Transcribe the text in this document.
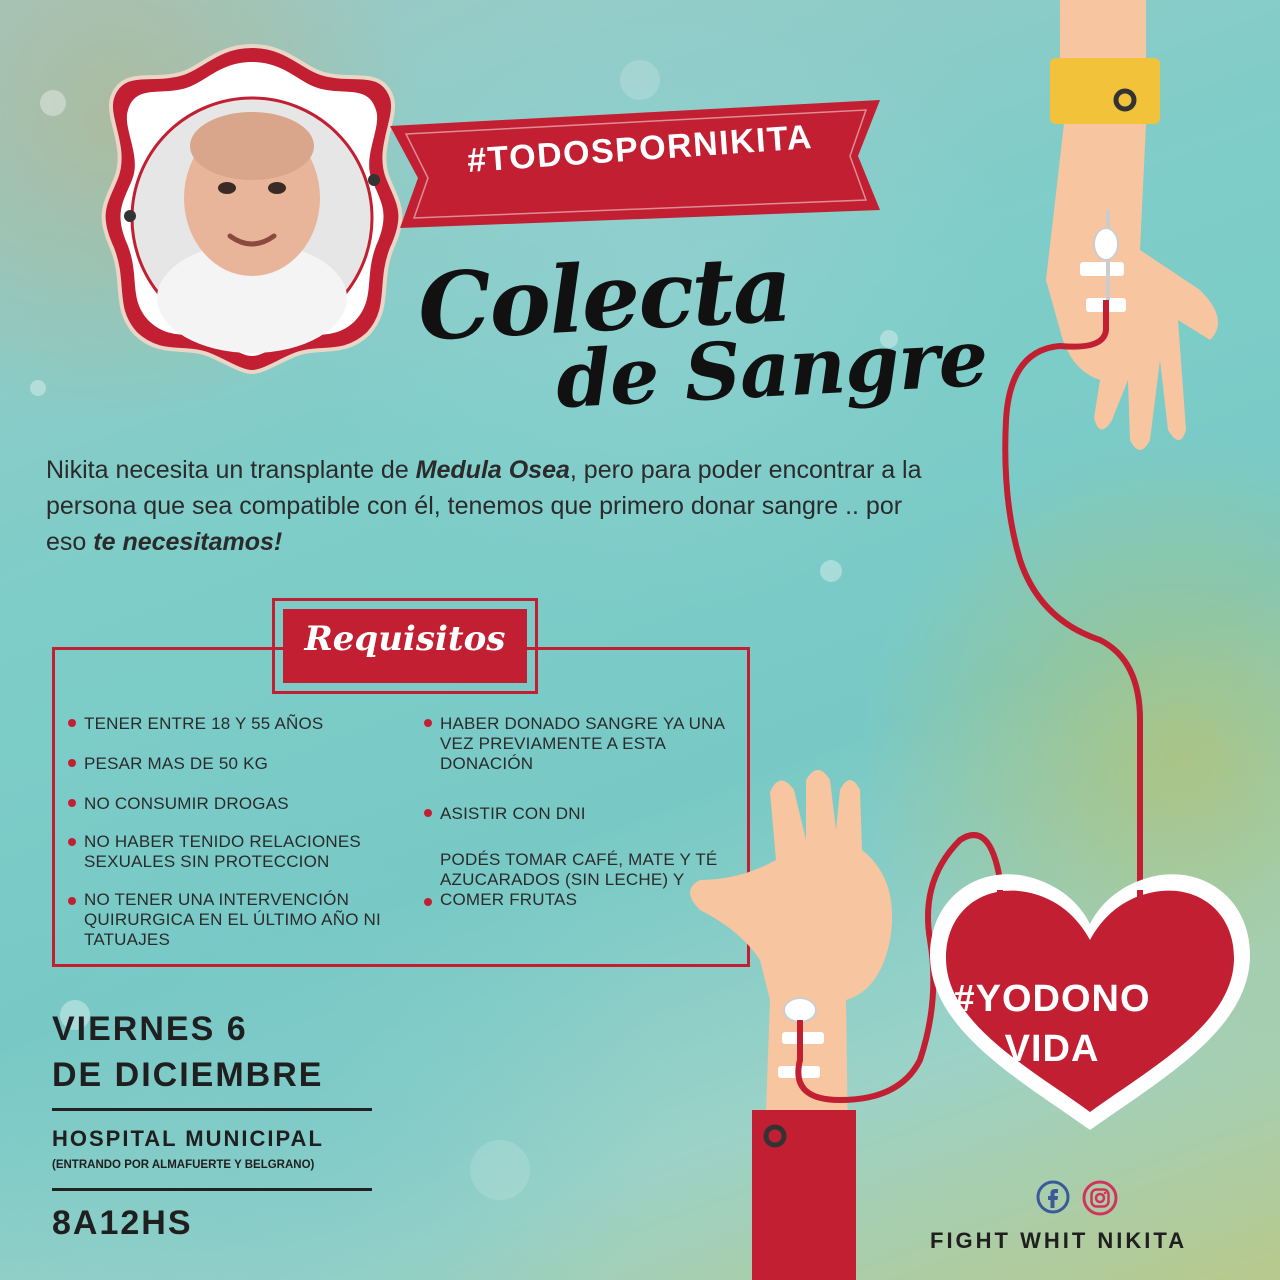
#TODOSPORNIKITA
Colecta
de Sangre
Nikita necesita un transplante de Medula Osea, pero para poder encontrar a la persona que sea compatible con él, tenemos que primero donar sangre .. por eso te necesitamos!
Requisitos
TENER ENTRE 18 Y 55 AÑOS
PESAR MAS DE 50 KG
NO CONSUMIR DROGAS
NO HABER TENIDO RELACIONES SEXUALES SIN PROTECCION
NO TENER UNA INTERVENCIÓN QUIRURGICA EN EL ÚLTIMO AÑO NI TATUAJES
HABER DONADO SANGRE YA UNA VEZ PREVIAMENTE A ESTA DONACIÓN
ASISTIR CON DNI
PODÉS TOMAR CAFÉ, MATE Y TÉ AZUCARADOS (SIN LECHE) Y COMER FRUTAS
VIERNES 6
DE DICIEMBRE
HOSPITAL MUNICIPAL
(ENTRANDO POR ALMAFUERTE Y BELGRANO)
8A12HS
#YODONO
VIDA
FIGHT WHIT NIKITA
